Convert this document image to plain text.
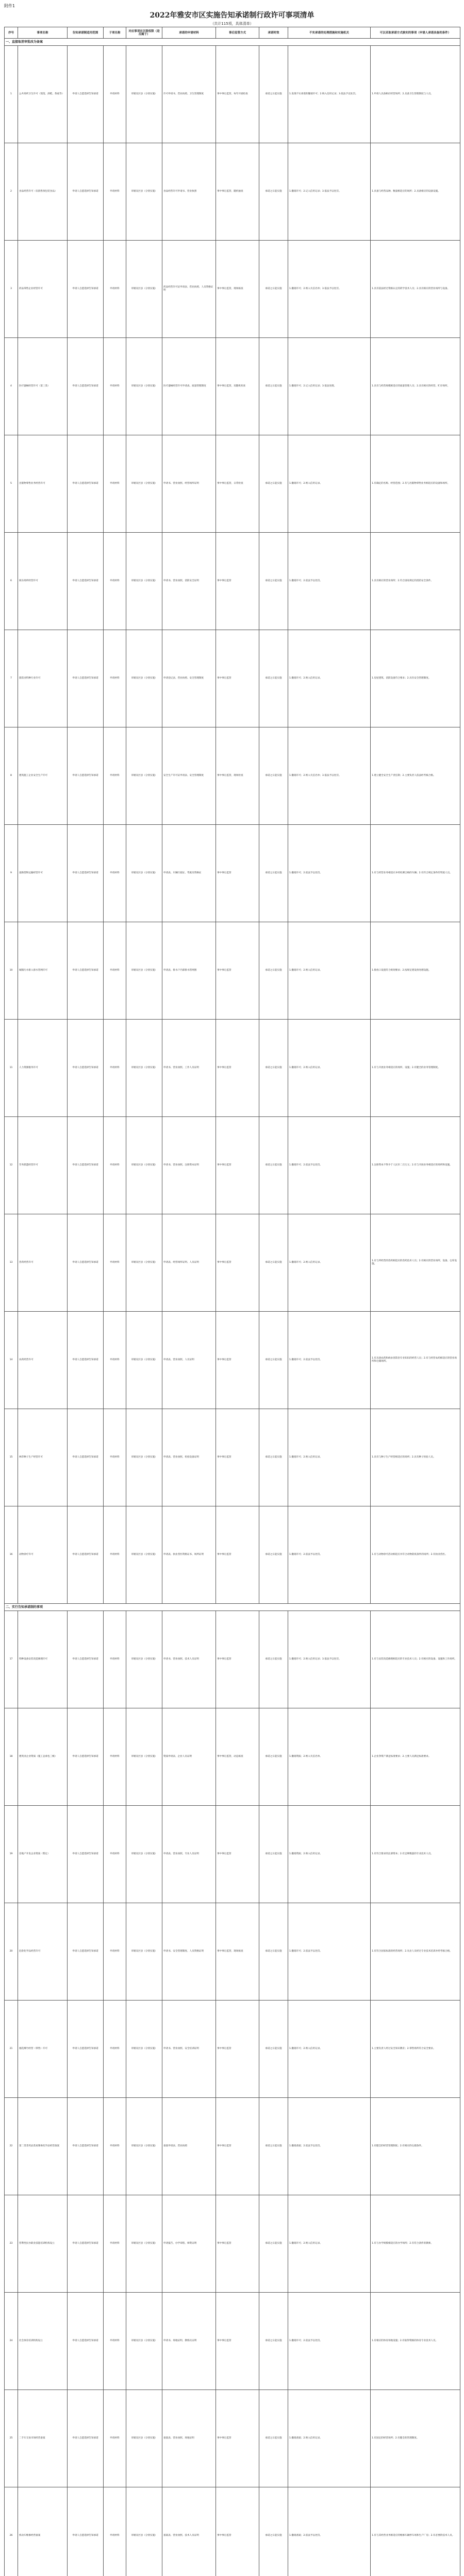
附件1
2022年雅安市区实施告知承诺制行政许可事项清单
（共计115项，具体清单）
序号	事项名称	告知承诺制适用范围	子项名称	对应事项在区级权限（是否属于）	承诺的申请材料	事后监管方式	承诺时效	不实承诺的处理措施和实施机关	可以采取承诺方式核实的事项（申请人承诺具备的条件）
一、直接取消审批改为备案									
1	公共场所卫生许可（饭馆、酒吧、茶座等）	申请人自愿选择告知承诺	申请材料	市级及区县（分别实施）	许可申请书、营业执照、卫生管理制度	事中事后监管，每年开展检查	承诺之日起实施	1.发现不实承诺的撤销许可；2.纳入信用记录；3.依法予以处罚。	1.申请人具备相应经营场所；2.具备卫生管理制度与人员。
2	食品经营许可（仅销售预包装食品）	申请人自愿选择告知承诺	申请材料	市级及区县（分别实施）	食品经营许可申请书、营业执照	事中事后监管，随机抽查	承诺之日起实施	1.撤销许可；2.记入信用记录；3.依法予以处罚。	1.具备与经营品种、数量相适应的场所；2.具备相应的设备设施。
3	药品零售企业经营许可	申请人自愿选择告知承诺	申请材料	市级及区县（分别实施）	药品经营许可证申请表、营业执照、人员资格证明	事中事后监管，现场核查	承诺之日起实施	1.撤销许可；2.纳入失信名单；3.依法予以处罚。	1.具有依法经过资格认定的药学技术人员；2.具有相应的营业场所与设备。
4	医疗器械经营许可（第三类）	申请人自愿选择告知承诺	申请材料	市级及区县（分别实施）	医疗器械经营许可申请表、质量管理制度	事中事后监管，双随机检查	承诺之日起实施	1.撤销许可；2.记入信用记录；3.依法处理。	1.具有与经营规模相适应的质量管理人员；2.具有相应的经营、贮存场所。
5	出版物零售业务经营许可	申请人自愿选择告知承诺	申请材料	市级及区县（分别实施）	申请书、营业执照、经营场所证明	事中事后监管，日常检查	承诺之日起实施	1.撤销许可；2.纳入信用记录。	1.有确定的名称、经营范围；2.有与出版物零售业务相适应的设备和场所。
6	娱乐场所经营许可	申请人自愿选择告知承诺	申请材料	市级及区县（分别实施）	申请书、营业执照、消防安全证明	事中事后监管	承诺之日起实施	1.撤销许可；2.依法予以处罚。	1.具有相应的营业场所；2.符合国家规定的消防安全条件。
7	旅馆业特种行业许可	申请人自愿选择告知承诺	申请材料	市级及区县（分别实施）	申请登记表、营业执照、安全管理制度	事中事后监管	承诺之日起实施	1.撤销许可；2.纳入信用记录。	1.房屋建筑、消防设备符合要求；2.具有安全管理制度。
8	建筑施工企业安全生产许可	申请人自愿选择告知承诺	申请材料	市级及区县（分别实施）	安全生产许可证申请表、安全管理制度	事中事后监管，现场检查	承诺之日起实施	1.撤销许可；2.纳入失信名单；3.依法予以处罚。	1.建立健全安全生产责任制；2.主要负责人依法经考核合格。
9	道路货物运输经营许可	申请人自愿选择告知承诺	申请材料	市级及区县（分别实施）	申请表、车辆行驶证、驾驶员资格证	事中事后监管	承诺之日起实施	1.撤销许可；2.依法予以处罚。	1.有与经营业务相适应并经检测合格的车辆；2.有符合规定条件的驾驶人员。
10	城镇污水排入排水管网许可	申请人自愿选择告知承诺	申请材料	市级及区县（分别实施）	申请表、排水户内部排水管网图	事中事后监管	承诺之日起实施	1.撤销许可；2.纳入信用记录。	1.排放口设置符合规划要求；2.按规定建设预处理设施。
11	人力资源服务许可	申请人自愿选择告知承诺	申请材料	市级及区县（分别实施）	申请书、营业执照、工作人员证明	事中事后监管	承诺之日起实施	1.撤销许可；2.纳入信用记录。	1.有与开展业务相适应的场所、设施；2.有健全的业务管理制度。
12	劳务派遣经营许可	申请人自愿选择告知承诺	申请材料	市级及区县（分别实施）	申请书、营业执照、注册资本证明	事中事后监管	承诺之日起实施	1.撤销许可；2.依法予以处罚。	1.注册资本不得少于人民币二百万元；2.有与开展业务相适应的场所和设施。
13	兽药经营许可	申请人自愿选择告知承诺	申请材料	市级及区县（分别实施）	申请表、经营场所证明、人员证明	事中事后监管	承诺之日起实施	1.撤销许可；2.纳入信用记录。	1.有与所经营的兽药相适应的兽药技术人员；2.有相应的营业场所、设备、仓库设施。
14	农药经营许可	申请人自愿选择告知承诺	申请材料	市级及区县（分别实施）	申请表、营业执照、人员证明	事中事后监管	承诺之日起实施	1.撤销许可；2.依法予以处罚。	1.有具备农药和病虫害防治专业知识的经营人员；2.有与经营农药相适应的营业场所和仓储场所。
15	林草种子生产经营许可	申请人自愿选择告知承诺	申请材料	市级及区县（分别实施）	申请表、营业执照、检验设备证明	事中事后监管	承诺之日起实施	1.撤销许可；2.纳入信用记录。	1.具有与种子生产经营相适应的场所；2.具有种子检验人员。
16	动物诊疗许可	申请人自愿选择告知承诺	申请材料	市级及区县（分别实施）	申请表、执业兽医资格证书、场所证明	事中事后监管	承诺之日起实施	1.撤销许可；2.依法予以处罚。	1.有与动物诊疗活动相适应并符合动物防疫条件的场所；2.有执业兽医。
二、实行告知承诺制的事项									
17	特种设备安装改造修理许可	申请人自愿选择告知承诺	申请材料	市级及区县（分别实施）	申请书、营业执照、技术人员证明	事中事后监管	承诺之日起实施	1.撤销许可；2.纳入信用记录；3.依法予以处罚。	1.有与安装改造修理相适应的专业技术人员；2.有相应的设备、设施和工作场所。
18	建筑业企业资质（施工总承包三级）	申请人自愿选择告知承诺	申请材料	市级及区县（分别实施）	资质申请表、企业人员证明	事中事后监管，动态核查	承诺之日起实施	1.撤销资质；2.纳入失信名单。	1.企业净资产满足标准要求；2.主要人员满足标准要求。
19	房地产开发企业资质（暂定）	申请人自愿选择告知承诺	申请材料	市级及区县（分别实施）	申请表、营业执照、专业人员证明	事中事后监管	承诺之日起实施	1.撤销资质；2.纳入信用记录。	1.有符合要求的注册资本；2.有足够数量的专业技术人员。
20	危险化学品经营许可	申请人自愿选择告知承诺	申请材料	市级及区县（分别实施）	申请书、安全管理制度、人员资格证明	事中事后监管，现场核查	承诺之日起实施	1.撤销许可；2.依法予以处罚。	1.有符合国家标准的经营场所；2.从业人员经过专业技术培训并经考核合格。
21	烟花爆竹经营（零售）许可	申请人自愿选择告知承诺	申请材料	市级及区县（分别实施）	申请书、营业执照、安全培训证明	事中事后监管	承诺之日起实施	1.撤销许可；2.纳入信用记录。	1.主要负责人经过安全知识教育；2.零售场所符合安全要求。
22	第二类非药品类易制毒化学品经营备案	申请人自愿选择告知承诺	申请材料	市级及区县（分别实施）	备案申请表、营业执照	事中事后监管	承诺之日起实施	1.撤销备案；2.依法予以处罚。	1.有健全的经营管理制度；2.有相应的仓储条件。
23	营利性民办职业技能培训机构设立	申请人自愿选择告知承诺	申请材料	市级及区县（分别实施）	申请报告、办学章程、师资证明	事中事后监管	承诺之日起实施	1.撤销许可；2.纳入信用记录。	1.有与办学规模相适应的办学场所；2.有符合条件的教师。
24	社会体育培训机构设立	申请人自愿选择告知承诺	申请材料	市级及区县（分别实施）	申请书、场地证明、教练员证明	事中事后监管	承诺之日起实施	1.撤销许可；2.依法予以处罚。	1.有相应的体育场地设施；2.有取得资格的体育专业技术人员。
25	二手车交易市场经营备案	申请人自愿选择告知承诺	申请材料	市级及区县（分别实施）	备案表、营业执照、场地证明	事中事后监管	承诺之日起实施	1.撤销备案；2.纳入信用记录。	1.有固定的经营场所；2.有健全的管理制度。
26	机动车维修经营备案	申请人自愿选择告知承诺	申请材料	市级及区县（分别实施）	备案表、营业执照、技术人员证明	事中事后监管	承诺之日起实施	1.撤销备案；2.依法予以处罚。	1.有与其经营业务相适应的维修车辆停车场和生产厂房；2.有必要的技术人员。
